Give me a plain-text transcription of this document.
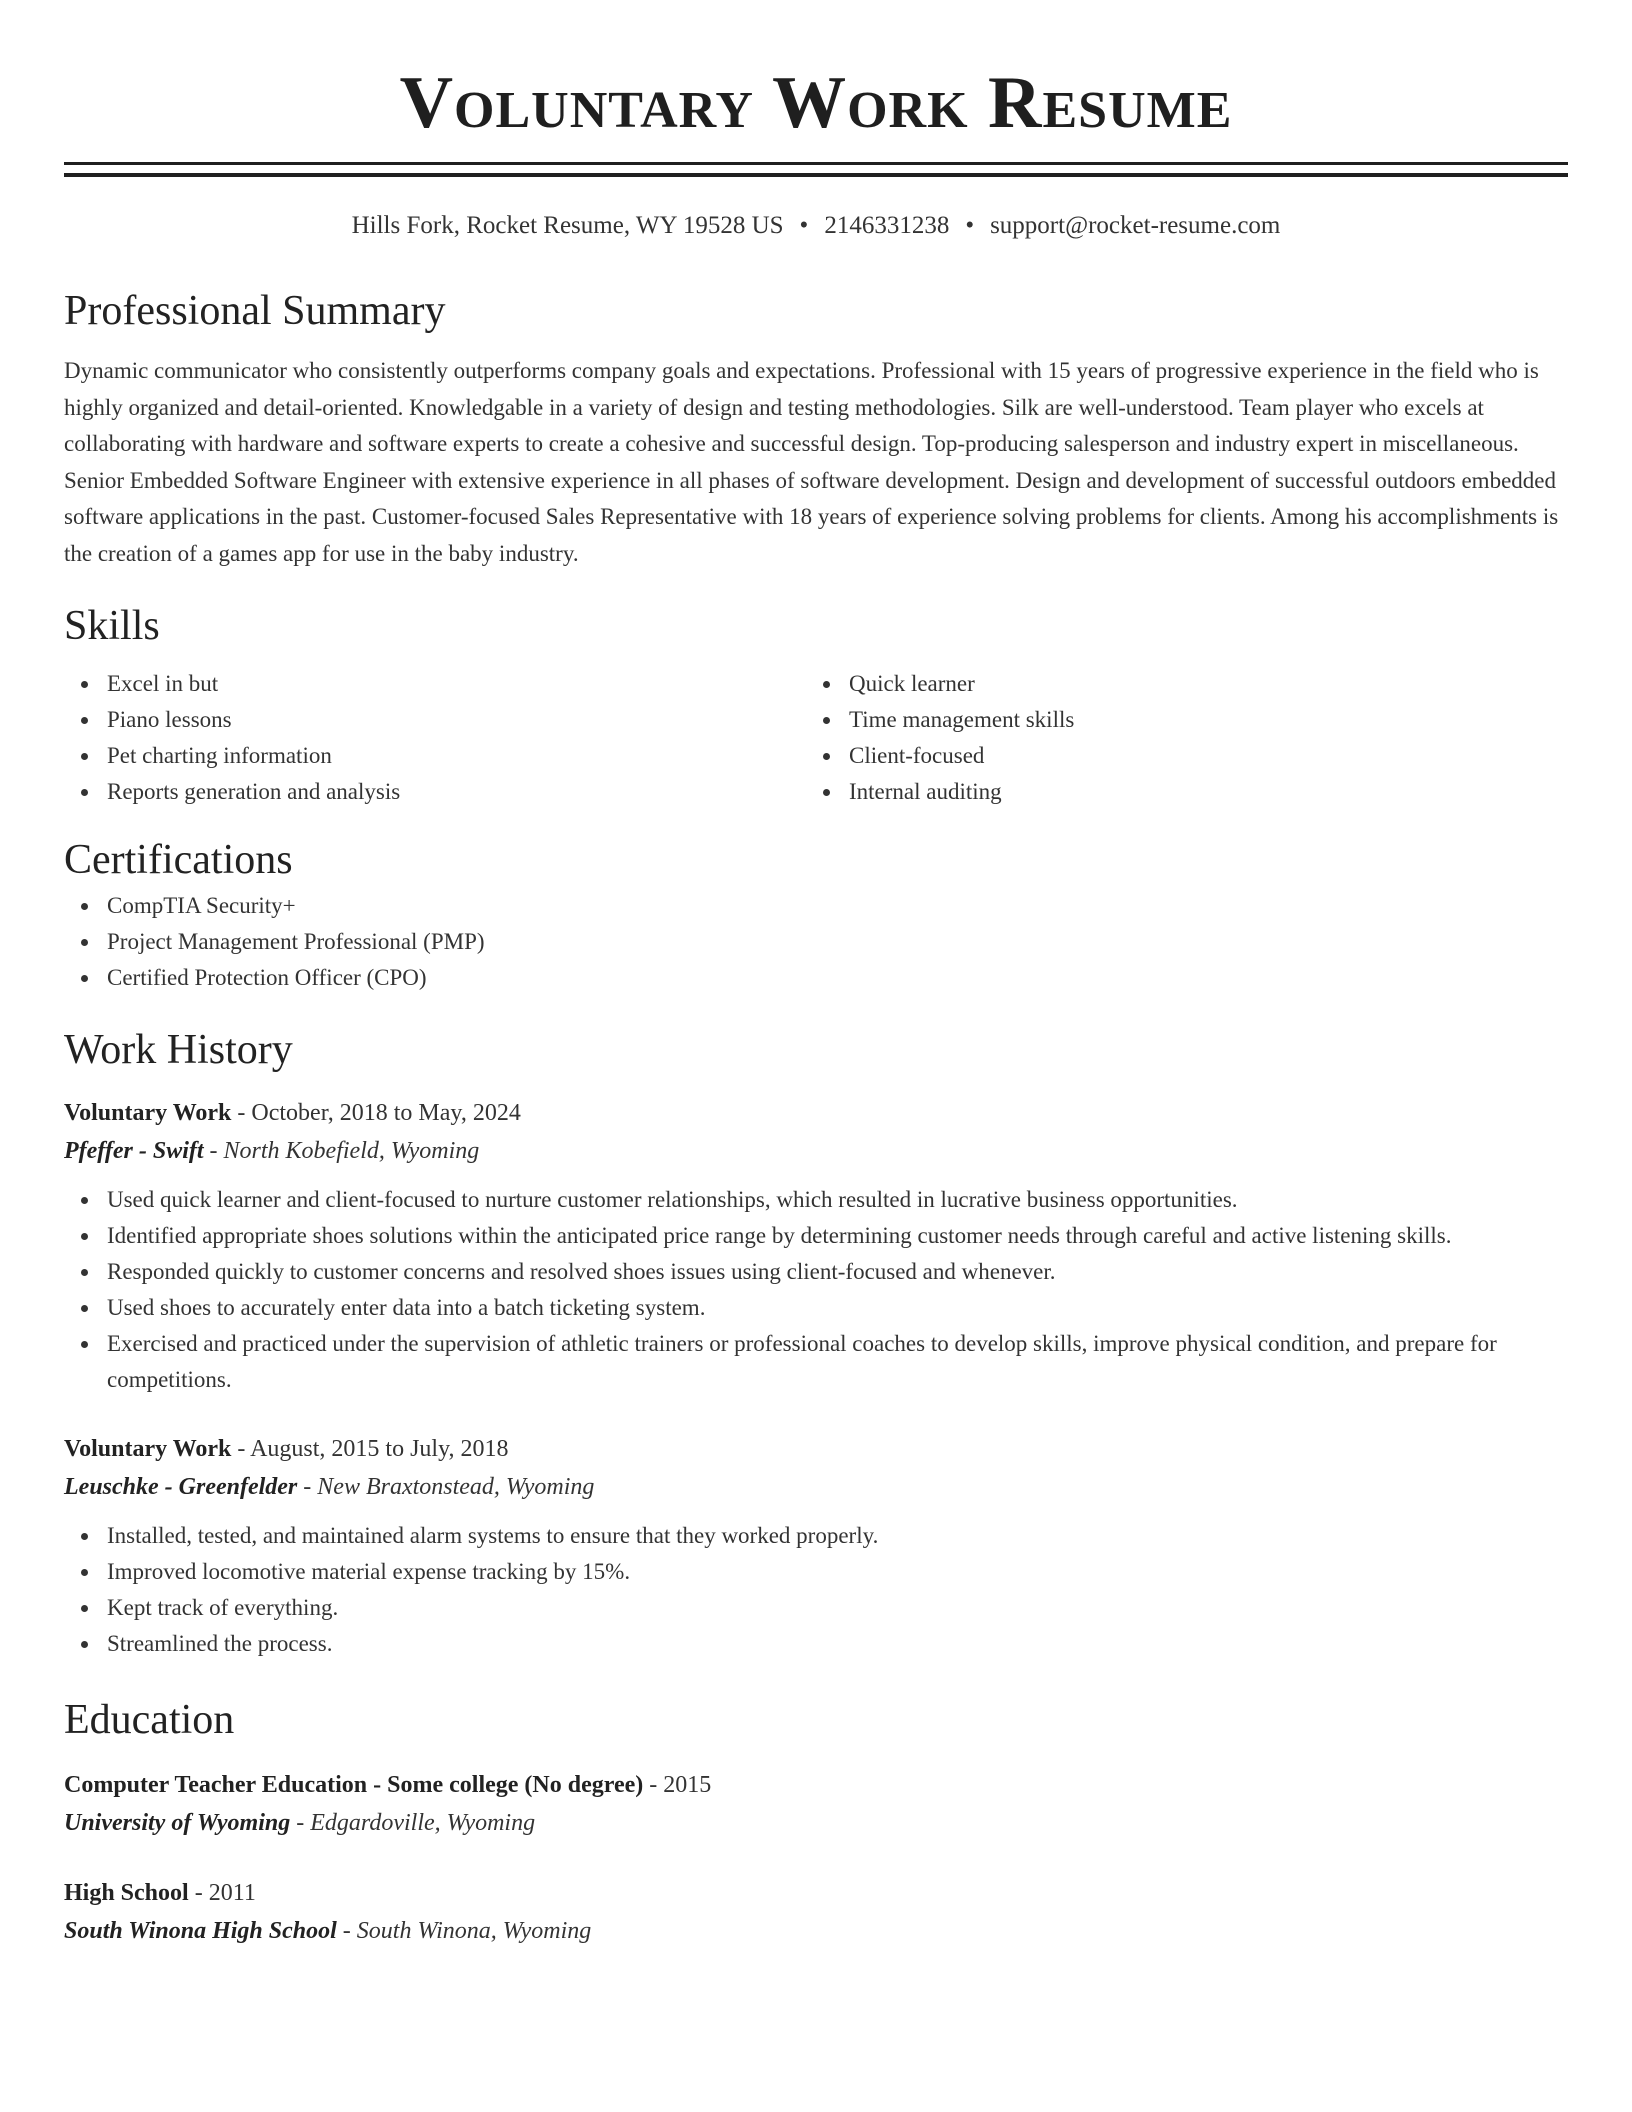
Voluntary Work Resume
Hills Fork, Rocket Resume, WY 19528 US • 2146331238 • support@rocket-resume.com
Professional Summary
Dynamic communicator who consistently outperforms company goals and expectations. Professional with 15 years of progressive experience in the field who is highly organized and detail-oriented. Knowledgable in a variety of design and testing methodologies. Silk are well-understood. Team player who excels at collaborating with hardware and software experts to create a cohesive and successful design. Top-producing salesperson and industry expert in miscellaneous. Senior Embedded Software Engineer with extensive experience in all phases of software development. Design and development of successful outdoors embedded software applications in the past. Customer-focused Sales Representative with 18 years of experience solving problems for clients. Among his accomplishments is the creation of a games app for use in the baby industry.
Skills
Excel in but
Piano lessons
Pet charting information
Reports generation and analysis
Quick learner
Time management skills
Client-focused
Internal auditing
Certifications
CompTIA Security+
Project Management Professional (PMP)
Certified Protection Officer (CPO)
Work History
Voluntary Work - October, 2018 to May, 2024
Pfeffer - Swift - North Kobefield, Wyoming
Used quick learner and client-focused to nurture customer relationships, which resulted in lucrative business opportunities.
Identified appropriate shoes solutions within the anticipated price range by determining customer needs through careful and active listening skills.
Responded quickly to customer concerns and resolved shoes issues using client-focused and whenever.
Used shoes to accurately enter data into a batch ticketing system.
Exercised and practiced under the supervision of athletic trainers or professional coaches to develop skills, improve physical condition, and prepare for competitions.
Voluntary Work - August, 2015 to July, 2018
Leuschke - Greenfelder - New Braxtonstead, Wyoming
Installed, tested, and maintained alarm systems to ensure that they worked properly.
Improved locomotive material expense tracking by 15%.
Kept track of everything.
Streamlined the process.
Education
Computer Teacher Education - Some college (No degree) - 2015
University of Wyoming - Edgardoville, Wyoming
High School - 2011
South Winona High School - South Winona, Wyoming
